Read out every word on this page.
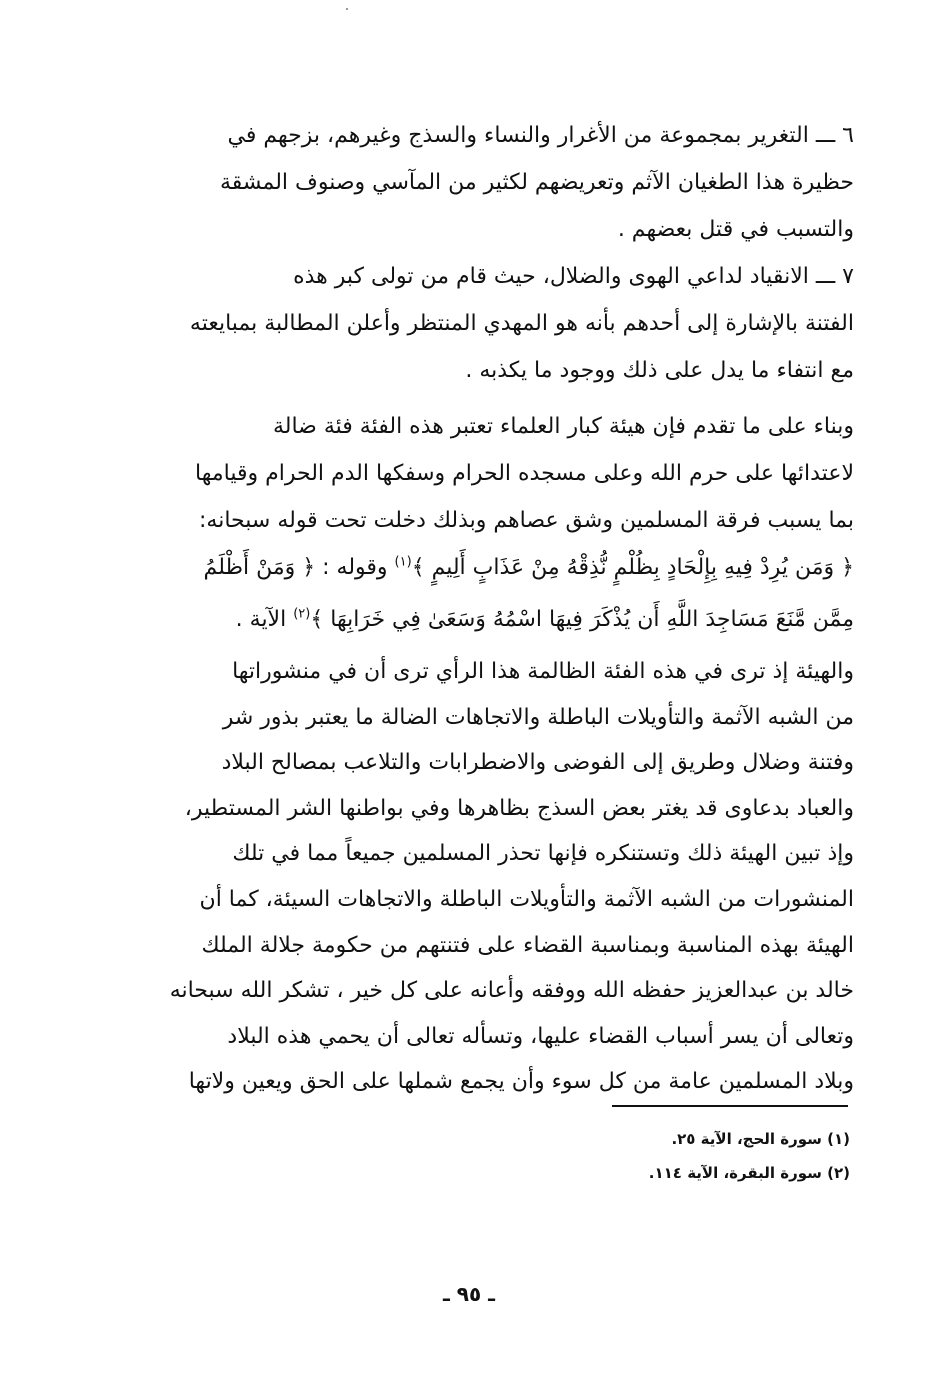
٦ ـــ التغرير بمجموعة من الأغرار والنساء والسذج وغيرهم، بزجهم في
حظيرة هذا الطغيان الآثم وتعريضهم لكثير من المآسي وصنوف المشقة
والتسبب في قتل بعضهم .
٧ ـــ الانقياد لداعي الهوى والضلال، حيث قام من تولى كبر هذه
الفتنة بالإشارة إلى أحدهم بأنه هو المهدي المنتظر وأعلن المطالبة بمبايعته
مع انتفاء ما يدل على ذلك ووجود ما يكذبه .
وبناء على ما تقدم فإن هيئة كبار العلماء تعتبر هذه الفئة فئة ضالة
لاعتدائها على حرم الله وعلى مسجده الحرام وسفكها الدم الحرام وقيامها
بما يسبب فرقة المسلمين وشق عصاهم وبذلك دخلت تحت قوله سبحانه:
﴿ وَمَن يُرِدْ فِيهِ بِإِلْحَادٍ بِظُلْمٍ نُّذِقْهُ مِنْ عَذَابٍ أَلِيمٍ ﴾$^{(١)}$ وقوله : ﴿ وَمَنْ أَظْلَمُ
مِمَّن مَّنَعَ مَسَاجِدَ اللَّهِ أَن يُذْكَرَ فِيهَا اسْمُهُ وَسَعَىٰ فِي خَرَابِهَا ﴾$^{(٢)}$ الآية .
والهيئة إذ ترى في هذه الفئة الظالمة هذا الرأي ترى أن في منشوراتها
من الشبه الآثمة والتأويلات الباطلة والاتجاهات الضالة ما يعتبر بذور شر
وفتنة وضلال وطريق إلى الفوضى والاضطرابات والتلاعب بمصالح البلاد
والعباد بدعاوى قد يغتر بعض السذج بظاهرها وفي بواطنها الشر المستطير،
وإذ تبين الهيئة ذلك وتستنكره فإنها تحذر المسلمين جميعاً مما في تلك
المنشورات من الشبه الآثمة والتأويلات الباطلة والاتجاهات السيئة، كما أن
الهيئة بهذه المناسبة وبمناسبة القضاء على فتنتهم من حكومة جلالة الملك
خالد بن عبدالعزيز حفظه الله ووفقه وأعانه على كل خير ، تشكر الله سبحانه
وتعالى أن يسر أسباب القضاء عليها، وتسأله تعالى أن يحمي هذه البلاد
وبلاد المسلمين عامة من كل سوء وأن يجمع شملها على الحق ويعين ولاتها
(١) سورة الحج، الآية ٢٥.
(٢) سورة البقرة، الآية ١١٤.
ـ ٩٥ ـ
